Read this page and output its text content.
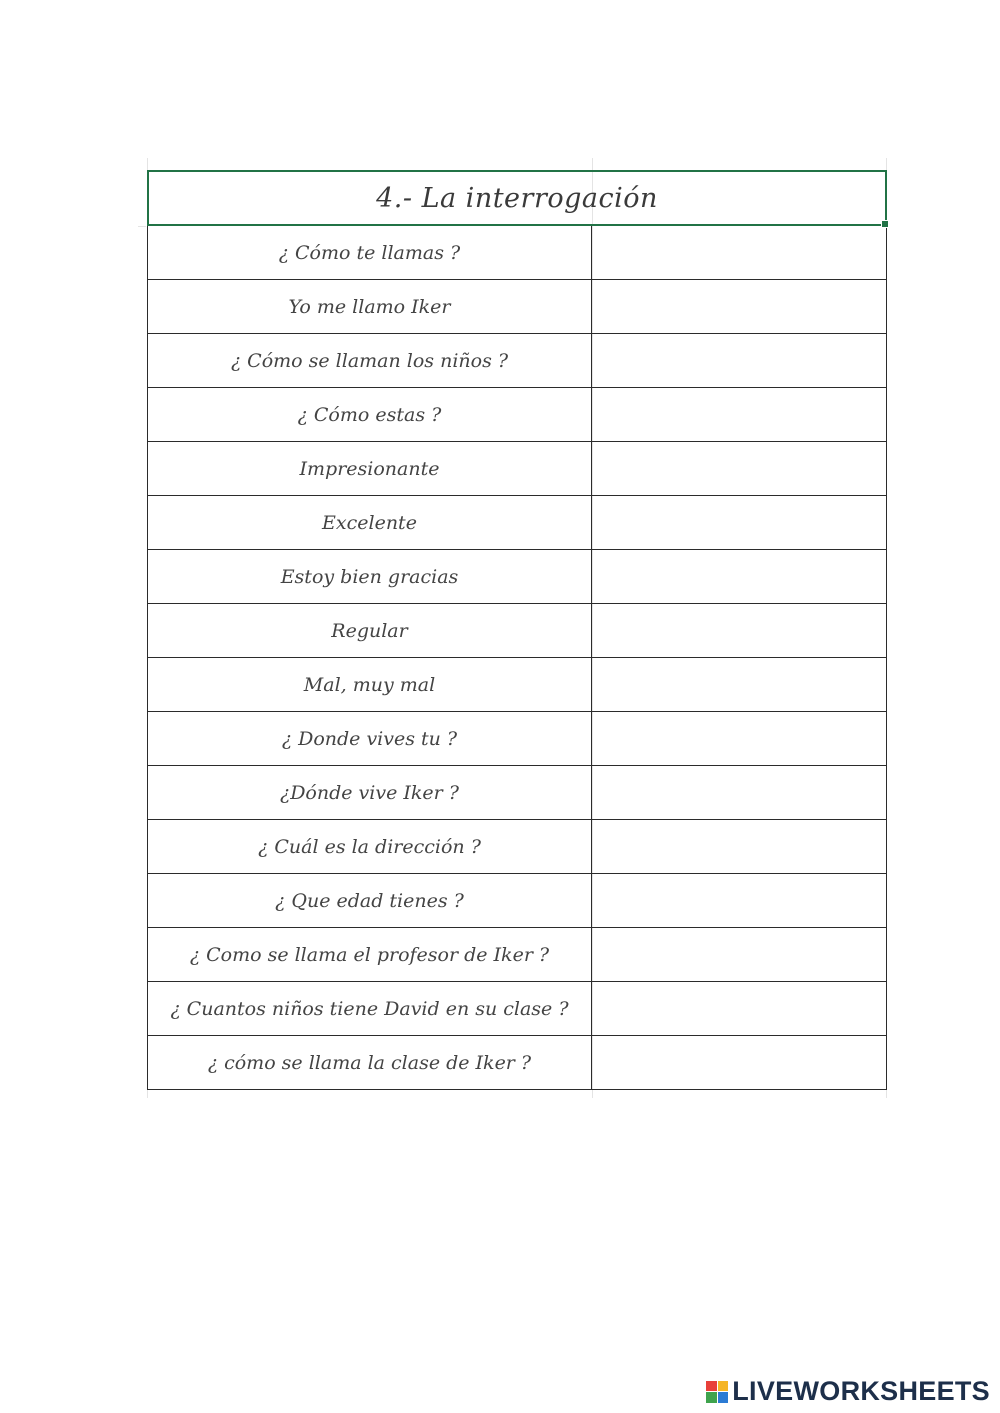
4.- La interrogación
¿ Cómo te llamas ?
Yo me llamo Iker
¿ Cómo se llaman los niños ?
¿ Cómo estas ?
Impresionante
Excelente
Estoy bien gracias
Regular
Mal, muy mal
¿ Donde vives tu ?
¿Dónde vive Iker ?
¿ Cuál es la dirección ?
¿ Que edad tienes ?
¿ Como se llama el profesor de Iker ?
¿ Cuantos niños tiene David en su clase ?
¿ cómo se llama la clase de Iker ?
LIVEWORKSHEETS
